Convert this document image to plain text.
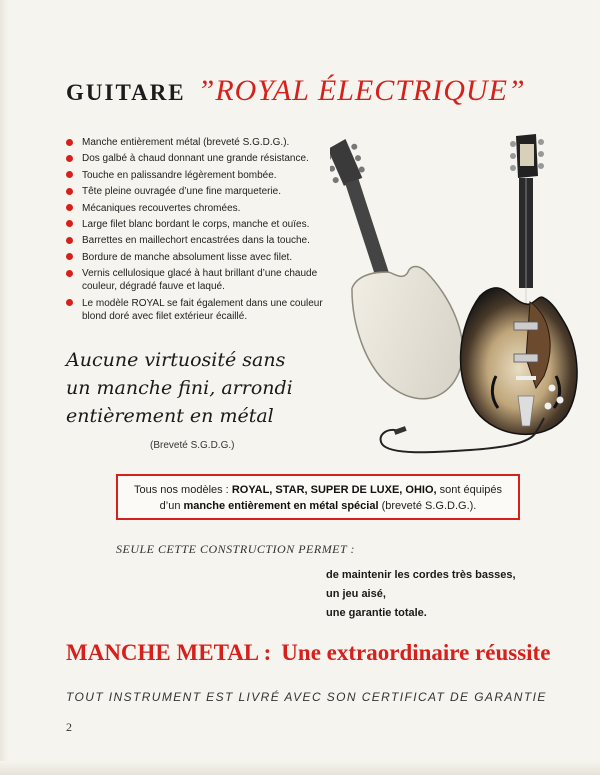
GUITARE ”ROYAL ÉLECTRIQUE”
Manche entièrement métal (breveté S.G.D.G.).
Dos galbé à chaud donnant une grande résistance.
Touche en palissandre légèrement bombée.
Tête pleine ouvragée d’une fine marqueterie.
Mécaniques recouvertes chromées.
Large filet blanc bordant le corps, manche et ouïes.
Barrettes en maillechort encastrées dans la touche.
Bordure de manche absolument lisse avec filet.
Vernis cellulosique glacé à haut brillant d’une chaude couleur, dégradé fauve et laqué.
Le modèle ROYAL se fait également dans une couleur blond doré avec filet extérieur écaillé.
Aucune virtuosité sans
un manche fini, arrondi
entièrement en métal
(Breveté S.G.D.G.)
Tous nos modèles : ROYAL, STAR, SUPER DE LUXE, OHIO, sont équipés d’un manche entièrement en métal spécial (breveté S.G.D.G.).
SEULE CETTE CONSTRUCTION PERMET :
de maintenir les cordes très basses,
un jeu aisé,
une garantie totale.
MANCHE METAL : Une extraordinaire réussite
TOUT INSTRUMENT EST LIVRÉ AVEC SON CERTIFICAT DE GARANTIE
2
